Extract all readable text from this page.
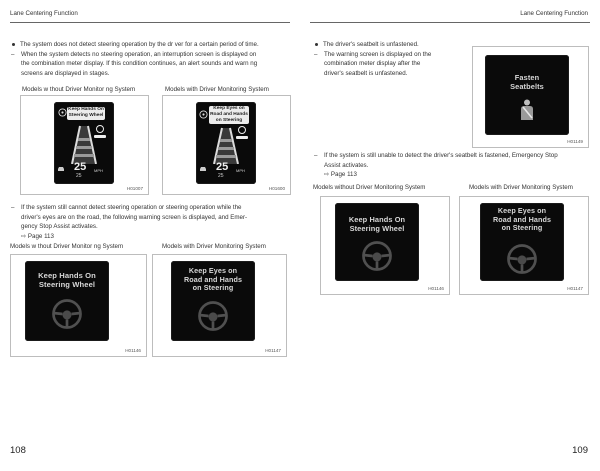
Lane Centering Function	Lane Centering Function
The system does not detect steering operation by the dr ver for a certain period of time.
– When the system detects no steering operation, an interruption screen is displayed on

the combination meter display. If this condition continues, an alert sounds and warn ng

screens are displayed in stages.

Models w thout Driver Monitor ng System	Models with Driver Monitoring System
Keep Hands On Steering Wheel
25 MPH
25
H01007
Keep Eyes on Road and Hands on Steering
25 MPH
25
H01600
– If the system still cannot detect steering operation or steering operation while the

driver's eyes are on the road, the following warning screen is displayed, and Emer-

gency Stop Assist activates.

⇨ Page 113
Models w thout Driver Monitor ng System	Models with Driver Monitoring System
Keep Hands On Steering Wheel
H01146
Keep Eyes on Road and Hands on Steering
H01147
108
The driver's seatbelt is unfastened.
– The warning screen is displayed on the

combination meter display after the

driver's seatbelt is unfastened.	Fasten Seatbelts
H01149
– If the system is still unable to detect the driver's seatbelt is fastened, Emergency Stop

Assist activates.

⇨ Page 113
Models without Driver Monitoring System	Models with Driver Monitoring System
Keep Hands On Steering Wheel
H01146
Keep Eyes on Road and Hands on Steering
H01147
109
